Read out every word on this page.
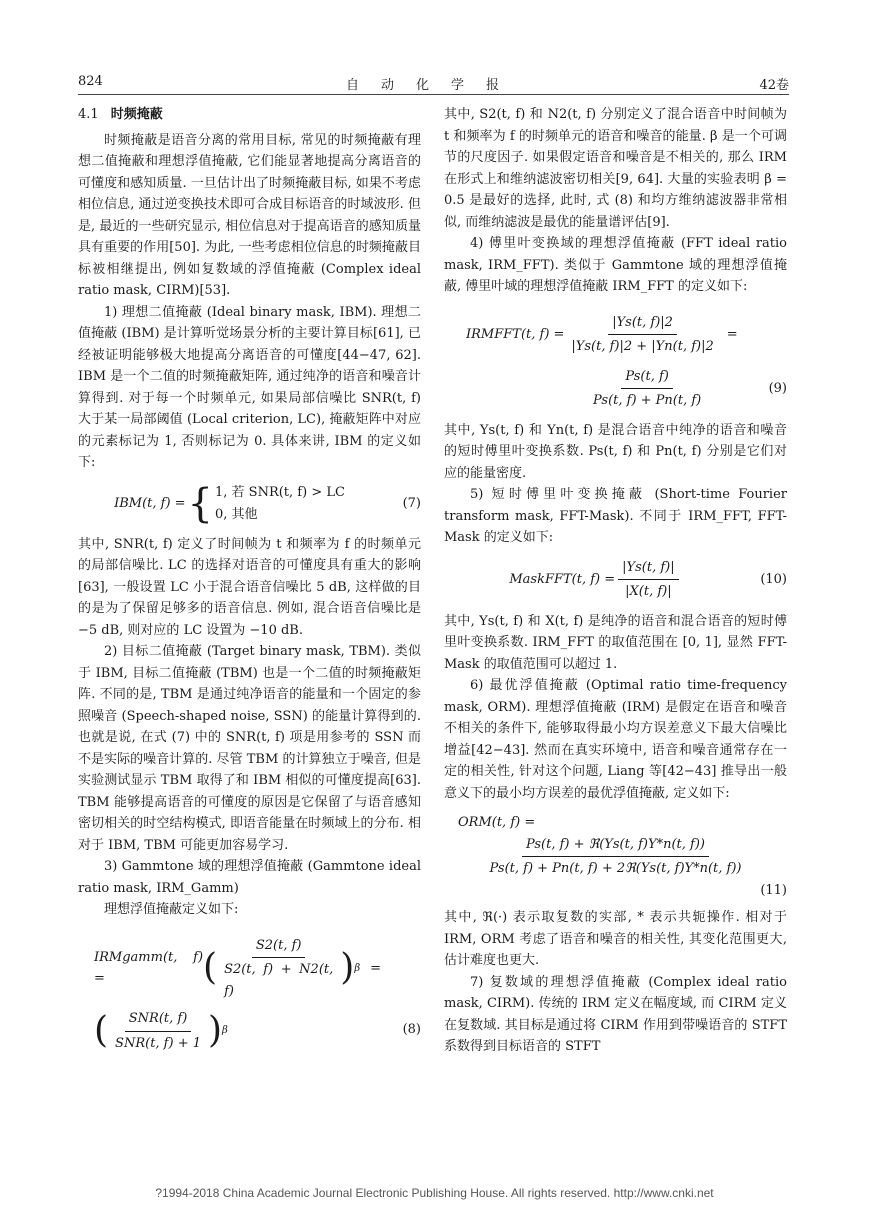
824	自动化学报	42卷
4.1 时频掩蔽

时频掩蔽是语音分离的常用目标, 常见的时频掩蔽有理想二值掩蔽和理想浮值掩蔽, 它们能显著地提高分离语音的可懂度和感知质量. 一旦估计出了时频掩蔽目标, 如果不考虑相位信息, 通过逆变换技术即可合成目标语音的时域波形. 但是, 最近的一些研究显示, 相位信息对于提高语音的感知质量具有重要的作用[50]. 为此, 一些考虑相位信息的时频掩蔽目标被相继提出, 例如复数域的浮值掩蔽 (Complex ideal ratio mask, CIRM)[53].

1) 理想二值掩蔽 (Ideal binary mask, IBM). 理想二值掩蔽 (IBM) 是计算听觉场景分析的主要计算目标[61], 已经被证明能够极大地提高分离语音的可懂度[44−47, 62]. IBM 是一个二值的时频掩蔽矩阵, 通过纯净的语音和噪音计算得到. 对于每一个时频单元, 如果局部信噪比 SNR(t, f) 大于某一局部阈值 (Local criterion, LC), 掩蔽矩阵中对应的元素标记为 1, 否则标记为 0. 具体来讲, IBM 的定义如下:

IBM(t, f) = { 1, 若 SNR(t, f) > LC
0, 其他
(7)

其中, SNR(t, f) 定义了时间帧为 t 和频率为 f 的时频单元的局部信噪比. LC 的选择对语音的可懂度具有重大的影响[63], 一般设置 LC 小于混合语音信噪比 5 dB, 这样做的目的是为了保留足够多的语音信息. 例如, 混合语音信噪比是 −5 dB, 则对应的 LC 设置为 −10 dB.

2) 目标二值掩蔽 (Target binary mask, TBM). 类似于 IBM, 目标二值掩蔽 (TBM) 也是一个二值的时频掩蔽矩阵. 不同的是, TBM 是通过纯净语音的能量和一个固定的参照噪音 (Speech-shaped noise, SSN) 的能量计算得到的. 也就是说, 在式 (7) 中的 SNR(t, f) 项是用参考的 SSN 而不是实际的噪音计算的. 尽管 TBM 的计算独立于噪音, 但是实验测试显示 TBM 取得了和 IBM 相似的可懂度提高[63]. TBM 能够提高语音的可懂度的原因是它保留了与语音感知密切相关的时空结构模式, 即语音能量在时频域上的分布. 相对于 IBM, TBM 可能更加容易学习.

3) Gammtone 域的理想浮值掩蔽 (Gammtone ideal ratio mask, IRM_Gamm)

理想浮值掩蔽定义如下:

IRMgamm(t, f) =	( $\frac{S2(t, f)}{S2(t, f) + N2(t, f)}$ ) β =
( $\frac{\text{SNR(t, f)}}{\text{SNR(t, f) + 1}}$ ) β	(8)

其中, S2(t, f) 和 N2(t, f) 分别定义了混合语音中时间帧为 t 和频率为 f 的时频单元的语音和噪音的能量. β 是一个可调节的尺度因子. 如果假定语音和噪音是不相关的, 那么 IRM 在形式上和维纳滤波密切相关[9, 64]. 大量的实验表明 β = 0.5 是最好的选择, 此时, 式 (8) 和均方维纳滤波器非常相似, 而维纳滤波是最优的能量谱评估[9].

4) 傅里叶变换域的理想浮值掩蔽 (FFT ideal ratio mask, IRM_FFT). 类似于 Gammtone 域的理想浮值掩蔽, 傅里叶域的理想浮值掩蔽 IRM_FFT 的定义如下:

IRMFFT(t, $f) = \frac{|Ys(t, f)|2}{|Ys(t, f)|2 + |Yn(t, f)|2}$ =
$\frac{Ps(t, f)}{Ps(t, f) + Pn(t, f)}$	(9)

其中, Ys(t, f) 和 Yn(t, f) 是混合语音中纯净的语音和噪音的短时傅里叶变换系数. Ps(t, f) 和 Pn(t, f) 分别是它们对应的能量密度.

5) 短时傅里叶变换掩蔽 (Short-time Fourier transform mask, FFT-Mask). 不同于 IRM_FFT, FFT-Mask 的定义如下:

MaskFFT(t, $f) = \frac{|Ys(t, f)|}{|X(t, f)|}$	(10)

其中, Ys(t, f) 和 X(t, f) 是纯净的语音和混合语音的短时傅里叶变换系数. IRM_FFT 的取值范围在 [0, 1], 显然 FFT-Mask 的取值范围可以超过 1.

6) 最优浮值掩蔽 (Optimal ratio time-frequency mask, ORM). 理想浮值掩蔽 (IRM) 是假定在语音和噪音不相关的条件下, 能够取得最小均方误差意义下最大信噪比增益[42−43]. 然而在真实环境中, 语音和噪音通常存在一定的相关性, 针对这个问题, Liang 等[42−43] 推导出一般意义下的最小均方误差的最优浮值掩蔽, 定义如下:

ORM(t, f) =
$\frac{\text{Ps(t, f) + ℜ(Ys(t, f)Y*n(t, f))}}{\text{Ps(t, f) + Pn(t, f) + 2ℜ(Ys(t, f)Y*n(t, f))}}$
(11)

其中, ℜ(·) 表示取复数的实部, * 表示共轭操作. 相对于 IRM, ORM 考虑了语音和噪音的相关性, 其变化范围更大, 估计难度也更大.

7) 复数域的理想浮值掩蔽 (Complex ideal ratio mask, CIRM). 传统的 IRM 定义在幅度域, 而 CIRM 定义在复数域. 其目标是通过将 CIRM 作用到带噪语音的 STFT 系数得到目标语音的 STFT

?1994-2018 China Academic Journal Electronic Publishing House. All rights reserved. http://www.cnki.net
